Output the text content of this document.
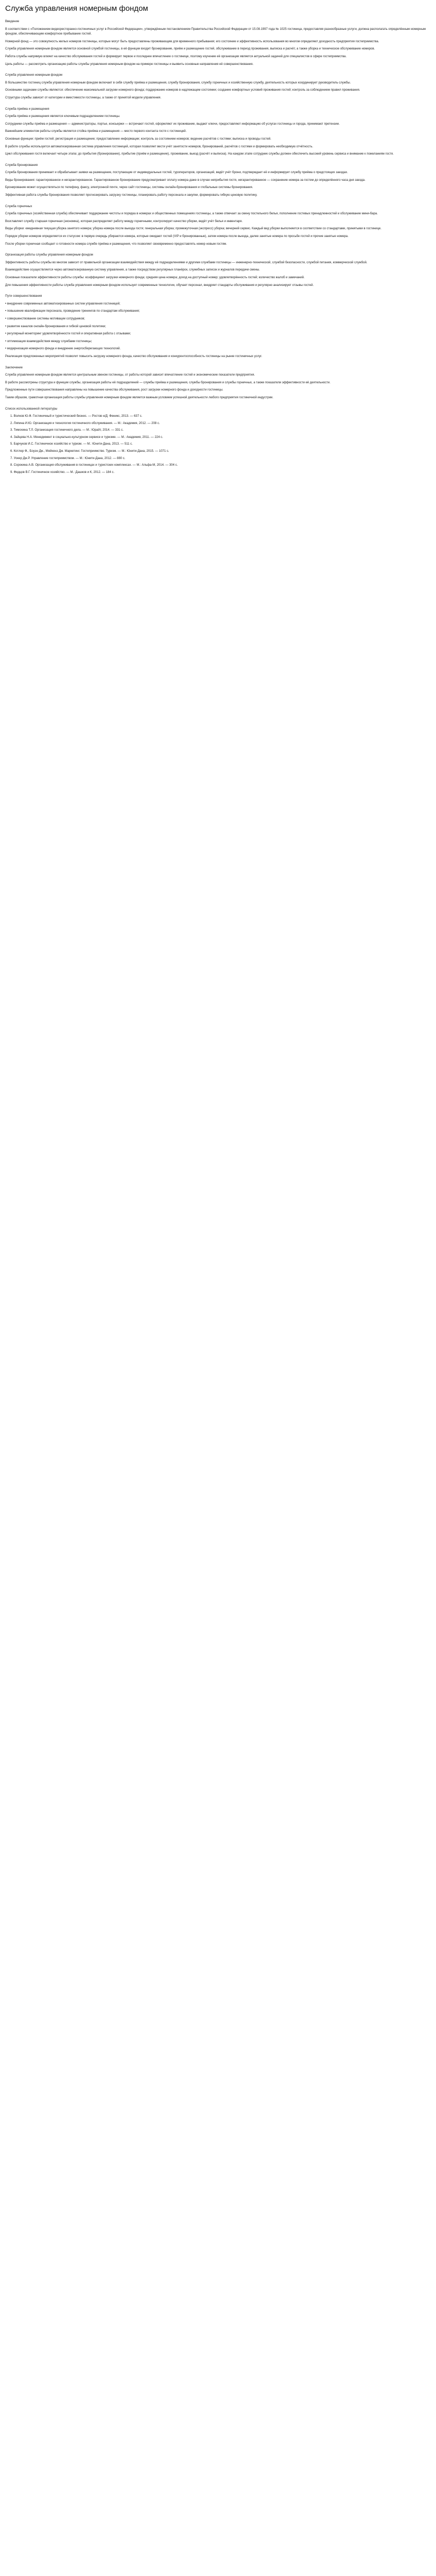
Служба управления номерным фондом
Введение

В соответствии с «Положением видеоресторанно-гостиничных услуг в Российской Федерации», утверждённым постановлением Правительства Российской Федерации от 15.08.1997 года № 1025 гостиница, предоставляя разнообразные услуги, должна располагать определённым номерным фондом, обеспечивающим комфортное пребывание гостей.

Номерной фонд — это совокупность жилых номеров гостиницы, которые могут быть предоставлены проживающим для временного пребывания; его состояние и эффективность использования во многом определяют доходность предприятия гостеприимства.

Служба управления номерным фондом является основной службой гостиницы, в её функции входит бронирование, приём и размещение гостей, обслуживание в период проживания, выписка и расчёт, а также уборка и техническое обслуживание номеров.

Работа службы напрямую влияет на качество обслуживания гостей и формирует первое и последнее впечатление о гостинице, поэтому изучение её организации является актуальной задачей для специалистов в сфере гостеприимства.

Цель работы — рассмотреть организацию работы службы управления номерным фондом на примере гостиницы и выявить основные направления её совершенствования.

Служба управления номерным фондом

В большинстве гостиниц служба управления номерным фондом включает в себя службу приёма и размещения, службу бронирования, службу горничных и хозяйственную службу, деятельность которых координирует руководитель службы.

Основными задачами службы являются: обеспечение максимальной загрузки номерного фонда; поддержание номеров в надлежащем состоянии; создание комфортных условий проживания гостей; контроль за соблюдением правил проживания.

Структура службы зависит от категории и вместимости гостиницы, а также от принятой модели управления.

Служба приёма и размещения

Служба приёма и размещения является ключевым подразделением гостиницы.

Сотрудники службы приёма и размещения — администраторы, портье, консьержи — встречают гостей, оформляют их проживание, выдают ключи, предоставляют информацию об услугах гостиницы и города, принимают претензии.

Важнейшим элементом работы службы является стойка приёма и размещения — место первого контакта гостя с гостиницей.

Основные функции: приём гостей; регистрация и размещение; предоставление информации; контроль за состоянием номеров; ведение расчётов с гостями; выписка и проводы гостей.

В работе службы используется автоматизированная система управления гостиницей, которая позволяет вести учёт занятости номеров, бронирований, расчётов с гостями и формировать необходимую отчётность.

Цикл обслуживания гостя включает четыре этапа: до прибытия (бронирование), прибытие (приём и размещение), проживание, выезд (расчёт и выписка). На каждом этапе сотрудник службы должен обеспечить высокий уровень сервиса и внимание к пожеланиям гостя.

Служба бронирования

Служба бронирования принимает и обрабатывает заявки на размещение, поступающие от индивидуальных гостей, туроператоров, организаций, ведёт учёт брони, подтверждает её и информирует службу приёма о предстоящих заездах.

Виды бронирования: гарантированное и негарантированное. Гарантированное бронирование предусматривает оплату номера даже в случае неприбытия гостя, негарантированное — сохранение номера за гостем до определённого часа дня заезда.

Бронирование может осуществляться по телефону, факсу, электронной почте, через сайт гостиницы, системы онлайн-бронирования и глобальные системы бронирования.

Эффективная работа службы бронирования позволяет прогнозировать загрузку гостиницы, планировать работу персонала и закупки, формировать гибкую ценовую политику.

Служба горничных

Служба горничных (хозяйственная служба) обеспечивает поддержание чистоты и порядка в номерах и общественных помещениях гостиницы, а также отвечает за смену постельного белья, пополнение гостевых принадлежностей и обслуживание мини-бара.

Возглавляет службу старшая горничная (экономка), которая распределяет работу между горничными, контролирует качество уборки, ведёт учёт белья и инвентаря.

Виды уборки: ежедневная текущая уборка занятого номера; уборка номера после выезда гостя; генеральная уборка; промежуточная (экспресс) уборка; вечерний сервис. Каждый вид уборки выполняется в соответствии со стандартами, принятыми в гостинице.

Порядок уборки номеров определяется их статусом: в первую очередь убираются номера, которые ожидают гостей (VIP и бронированные), затем номера после выезда, далее занятые номера по просьбе гостей и прочие занятые номера.

После уборки горничная сообщает о готовности номера службе приёма и размещения, что позволяет своевременно предоставлять номер новым гостям.

Организация работы службы управления номерным фондом

Эффективность работы службы во многом зависит от правильной организации взаимодействия между её подразделениями и другими службами гостиницы — инженерно-технической, службой безопасности, службой питания, коммерческой службой.

Взаимодействие осуществляется через автоматизированную систему управления, а также посредством регулярных планёрок, служебных записок и журналов передачи смены.

Основные показатели эффективности работы службы: коэффициент загрузки номерного фонда; средняя цена номера; доход на доступный номер; удовлетворённость гостей; количество жалоб и замечаний.

Для повышения эффективности работы служба управления номерным фондом использует современные технологии, обучает персонал, внедряет стандарты обслуживания и регулярно анализирует отзывы гостей.

Пути совершенствования

• внедрение современных автоматизированных систем управления гостиницей;

• повышение квалификации персонала, проведение тренингов по стандартам обслуживания;

• совершенствование системы мотивации сотрудников;

• развитие каналов онлайн-бронирования и гибкой ценовой политики;

• регулярный мониторинг удовлетворённости гостей и оперативная работа с отзывами;

• оптимизация взаимодействия между службами гостиницы;

• модернизация номерного фонда и внедрение энергосберегающих технологий.

Реализация предложенных мероприятий позволит повысить загрузку номерного фонда, качество обслуживания и конкурентоспособность гостиницы на рынке гостиничных услуг.

Заключение

Служба управления номерным фондом является центральным звеном гостиницы, от работы которой зависит впечатление гостей и экономические показатели предприятия.

В работе рассмотрены структура и функции службы, организация работы её подразделений — службы приёма и размещения, службы бронирования и службы горничных, а также показатели эффективности её деятельности.

Предложенные пути совершенствования направлены на повышение качества обслуживания, рост загрузки номерного фонда и доходности гостиницы.

Таким образом, грамотная организация работы службы управления номерным фондом является важным условием успешной деятельности любого предприятия гостиничной индустрии.

Список использованной литературы
1. Волков Ю.Ф. Гостиничный и туристический бизнес. — Ростов н/Д: Феникс, 2013. — 637 с.
2. Ляпина И.Ю. Организация и технология гостиничного обслуживания. — М.: Академия, 2012. — 208 с.
3. Тимохина Т.Л. Организация гостиничного дела. — М.: Юрайт, 2014. — 331 с.
4. Зайцева Н.А. Менеджмент в социально-культурном сервисе и туризме. — М.: Академия, 2011. — 224 с.
5. Барчуков И.С. Гостиничное хозяйство и туризм. — М.: Юнити-Дана, 2013. — 511 с.
6. Котлер Ф., Боуэн Дж., Мейкенз Дж. Маркетинг. Гостеприимство. Туризм. — М.: Юнити-Дана, 2015. — 1071 с.
7. Уокер Дж.Р. Управление гостеприимством. — М.: Юнити-Дана, 2012. — 880 с.
8. Сорокина А.В. Организация обслуживания в гостиницах и туристских комплексах. — М.: Альфа-М, 2014. — 304 с.
9. Федцов В.Г. Гостиничное хозяйство. — М.: Дашков и К, 2012. — 184 с.
